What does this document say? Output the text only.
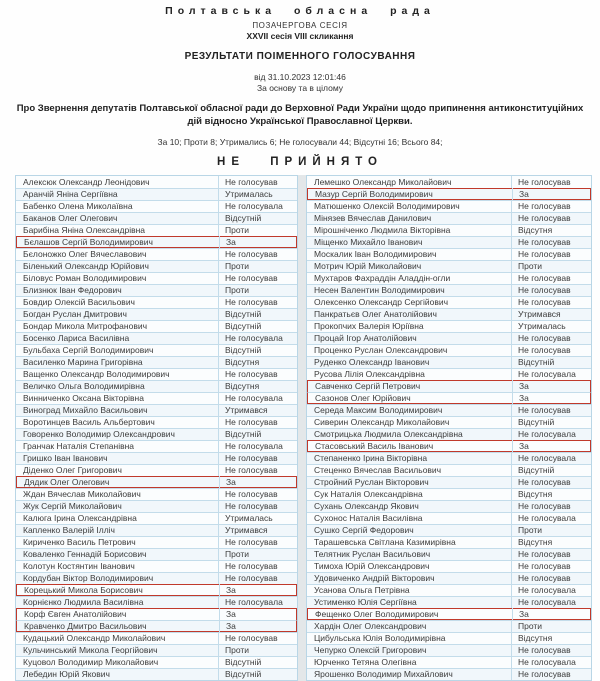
Полтавська обласна рада
ПОЗАЧЕРГОВА СЕСІЯ
XXVII сесія VIII скликання
РЕЗУЛЬТАТИ ПОІМЕННОГО ГОЛОСУВАННЯ
від 31.10.2023 12:01:46
За основу та в цілому
Про Звернення депутатів Полтавської обласної ради до Верховної Ради України щодо припинення антиконституційних дій відносно Української Православної Церкви.
За 10; Проти 8; Утримались 6; Не голосували 44; Відсутні 16; Всього 84;
НЕ ПРИЙНЯТО
Алексюк Олександр Леонідович	Не голосував
Аранчій Яніна Сергіївна	Утрималась
Бабенко Олена Миколаївна	Не голосувала
Баканов Олег Олегович	Відсутній
Барибіна Яніна Олександрівна	Проти
Бєлашов Сергій Володимирович	За
Бєлоножко Олег Вячеславович	Не голосував
Біленький Олександр Юрійович	Проти
Біловус Роман Володимирович	Не голосував
Близнюк Іван Федорович	Проти
Бовдир Олексій Васильович	Не голосував
Богдан Руслан Дмитрович	Відсутній
Бондар Микола Митрофанович	Відсутній
Босенко Лариса Василівна	Не голосувала
Бульбаха Сергій Володимирович	Відсутній
Василенко Марина Григорівна	Відсутня
Ващенко Олександр Володимирович	Не голосував
Величко Ольга Володимирівна	Відсутня
Винниченко Оксана Вікторівна	Не голосувала
Виноград Михайло Васильович	Утримався
Воротинцев Василь Альбертович	Не голосував
Говоренко Володимир Олександрович	Відсутній
Гранчак Наталія Степанівна	Не голосувала
Гришко Іван Іванович	Не голосував
Діденко Олег Григорович	Не голосував
Дядик Олег Олегович	За
Ждан Вячеслав Миколайович	Не голосував
Жук Сергій Миколайович	Не голосував
Калюга Ірина Олександрівна	Утрималась
Капленко Валерій Ілліч	Утримався
Кириченко Василь Петрович	Не голосував
Коваленко Геннадій Борисович	Проти
Колотун Костянтин Іванович	Не голосував
Кордубан Віктор Володимирович	Не голосував
Корецький Микола Борисович	За
Корнієнко Людмила Василівна	Не голосувала
Корф Євген Анатолійович	За
Кравченко Дмитро Васильович	За
Кудацький Олександр Миколайович	Не голосував
Кульчинський Микола Георгійович	Проти
Куцовол Володимир Миколайович	Відсутній
Лебедин Юрій Якович	Відсутній
Лемешко Олександр Миколайович	Не голосував
Мазур Сергій Володимирович	За
Матюшенко Олексій Володимирович	Не голосував
Мінязев Вячеслав Данилович	Не голосував
Мірошніченко Людмила Вікторівна	Відсутня
Міщенко Михайло Іванович	Не голосував
Москалик Іван Володимирович	Не голосував
Мотрич Юрій Миколайович	Проти
Мухтаров Фахраддін Аладдін-огли	Не голосував
Несен Валентин Володимирович	Не голосував
Олексенко Олександр Сергійович	Не голосував
Панкратьєв Олег Анатолійович	Утримався
Прокопчих Валерія Юріївна	Утрималась
Процай Ігор Анатолійович	Не голосував
Проценко Руслан Олександрович	Не голосував
Руденко Олександр Іванович	Відсутній
Русова Лілія Олександрівна	Не голосувала
Савченко Сергій Петрович	За
Сазонов Олег Юрійович	За
Середа Максим Володимирович	Не голосував
Сиверин Олександр Миколайович	Відсутній
Смотрицька Людмила Олександрівна	Не голосувала
Стасовський Василь Іванович	За
Степаненко Ірина Вікторівна	Не голосувала
Стеценко Вячеслав Васильович	Відсутній
Стройний Руслан Вікторович	Не голосував
Сук Наталія Олександрівна	Відсутня
Сухань Олександр Якович	Не голосував
Сухонос Наталія Василівна	Не голосувала
Сушко Сергій Федорович	Проти
Тарашевська Світлана Казимирівна	Відсутня
Телятник Руслан Васильович	Не голосував
Тимоха Юрій Олександрович	Не голосував
Удовиченко Андрій Вікторович	Не голосував
Усанова Ольга Петрівна	Не голосувала
Устименко Юлія Сергіївна	Не голосувала
Фещенко Олег Володимирович	За
Хардін Олег Олександрович	Проти
Цибульська Юлія Володимирівна	Відсутня
Чепурко Олексій Григорович	Не голосував
Юрченко Тетяна Олегівна	Не голосувала
Ярошенко Володимир Михайлович	Не голосував
